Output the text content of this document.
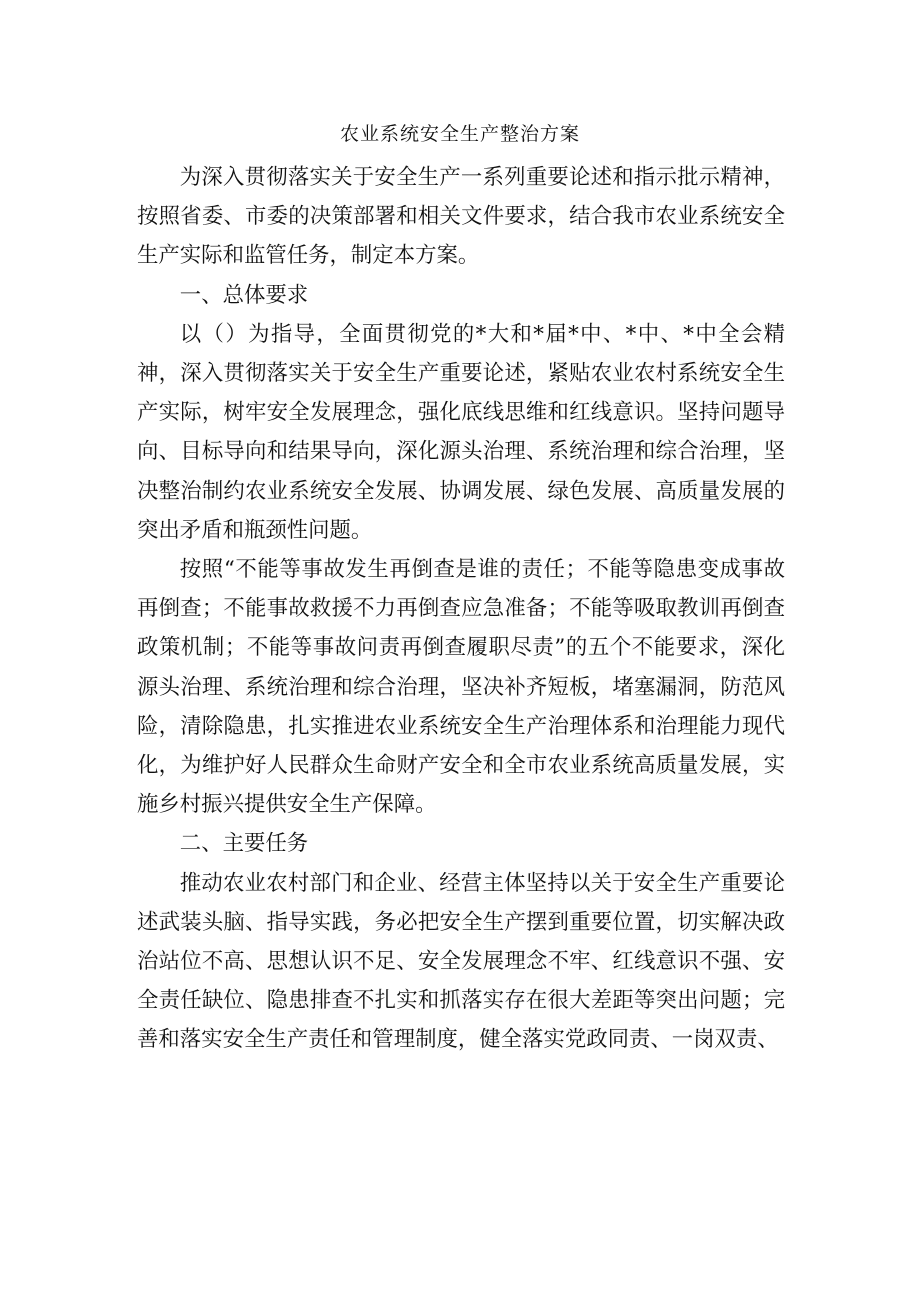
农业系统安全生产整治方案

为深入贯彻落实关于安全生产一系列重要论述和指示批示精神，按照省委、市委的决策部署和相关文件要求，结合我市农业系统安全生产实际和监管任务，制定本方案。

一、总体要求

以（）为指导，全面贯彻党的*大和*届*中、*中、*中全会精神，深入贯彻落实关于安全生产重要论述，紧贴农业农村系统安全生产实际，树牢安全发展理念，强化底线思维和红线意识。坚持问题导向、目标导向和结果导向，深化源头治理、系统治理和综合治理，坚决整治制约农业系统安全发展、协调发展、绿色发展、高质量发展的突出矛盾和瓶颈性问题。

按照“不能等事故发生再倒查是谁的责任；不能等隐患变成事故再倒查；不能事故救援不力再倒查应急准备；不能等吸取教训再倒查政策机制；不能等事故问责再倒查履职尽责”的五个不能要求，深化源头治理、系统治理和综合治理，坚决补齐短板，堵塞漏洞，防范风险，清除隐患，扎实推进农业系统安全生产治理体系和治理能力现代化，为维护好人民群众生命财产安全和全市农业系统高质量发展，实施乡村振兴提供安全生产保障。

二、主要任务

推动农业农村部门和企业、经营主体坚持以关于安全生产重要论述武装头脑、指导实践，务必把安全生产摆到重要位置，切实解决政治站位不高、思想认识不足、安全发展理念不牢、红线意识不强、安全责任缺位、隐患排查不扎实和抓落实存在很大差距等突出问题；完善和落实安全生产责任和管理制度，健全落实党政同责、一岗双责、
